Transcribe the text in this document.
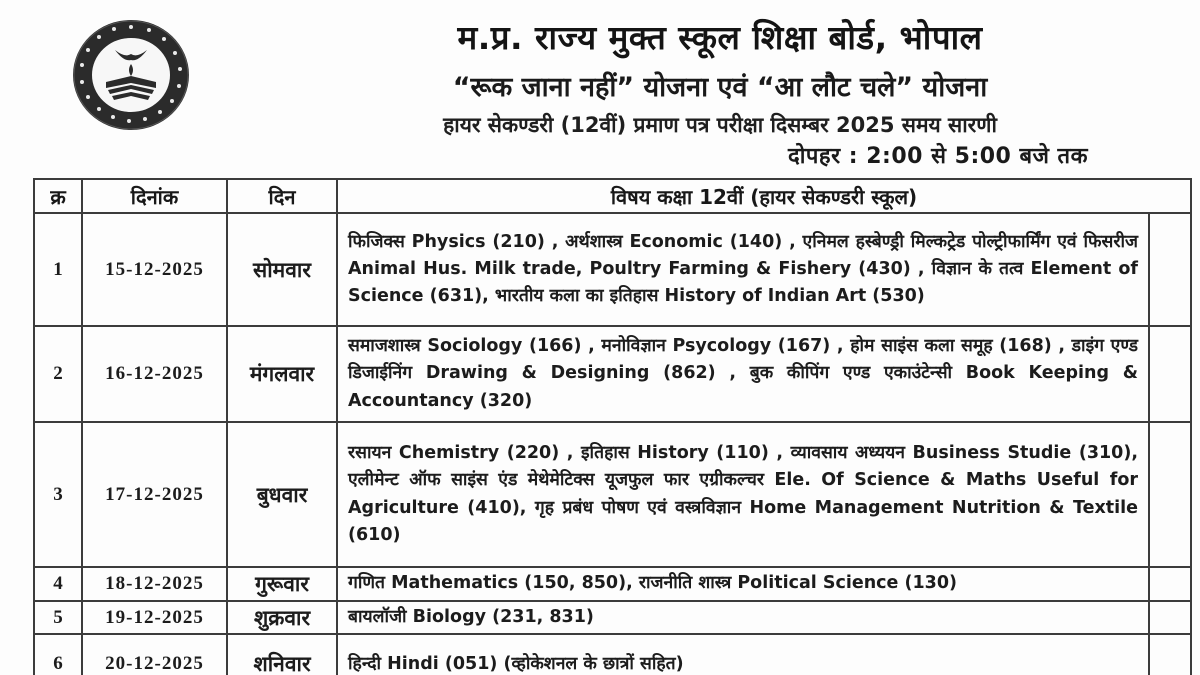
म.प्र. राज्य मुक्त स्कूल शिक्षा बोर्ड, भोपाल
“रूक जाना नहीं” योजना एवं “आ लौट चले” योजना
हायर सेकण्डरी (12वीं) प्रमाण पत्र परीक्षा दिसम्बर 2025 समय सारणी
दोपहर : 2:00 से 5:00 बजे तक
क्र	दिनांक	दिन	विषय कक्षा 12वीं (हायर सेकण्डरी स्कूल)	
1	15-12-2025	सोमवार	फिजिक्स Physics (210) , अर्थशास्त्र Economic (140) , एनिमल हस्बेण्ड्री मिल्कट्रेड पोल्ट्रीफार्मिंग एवं फिसरीज Animal Hus. Milk trade, Poultry Farming & Fishery (430) , विज्ञान के तत्व Element of Science (631), भारतीय कला का इतिहास History of Indian Art (530)	
2	16-12-2025	मंगलवार	समाजशास्त्र Sociology (166) , मनोविज्ञान Psycology (167) , होम साइंस कला समूह (168) , डाइंग एण्ड डिजाईनिंग Drawing & Designing (862) , बुक कीपिंग एण्ड एकाउंटेन्सी Book Keeping & Accountancy (320)	
3	17-12-2025	बुधवार	रसायन Chemistry (220) , इतिहास History (110) , व्यावसाय अध्ययन Business Studie (310), एलीमेन्ट ऑफ साइंस एंड मेथेमेटिक्स यूजफुल फार एग्रीकल्चर Ele. Of Science & Maths Useful for Agriculture (410), गृह प्रबंध पोषण एवं वस्त्रविज्ञान Home Management Nutrition & Textile (610)	
4	18-12-2025	गुरूवार	गणित Mathematics (150, 850), राजनीति शास्त्र Political Science (130)	
5	19-12-2025	शुक्रवार	बायलॉजी Biology (231, 831)	
6	20-12-2025	शनिवार	हिन्दी Hindi (051) (व्होकेशनल के छात्रों सहित)	
